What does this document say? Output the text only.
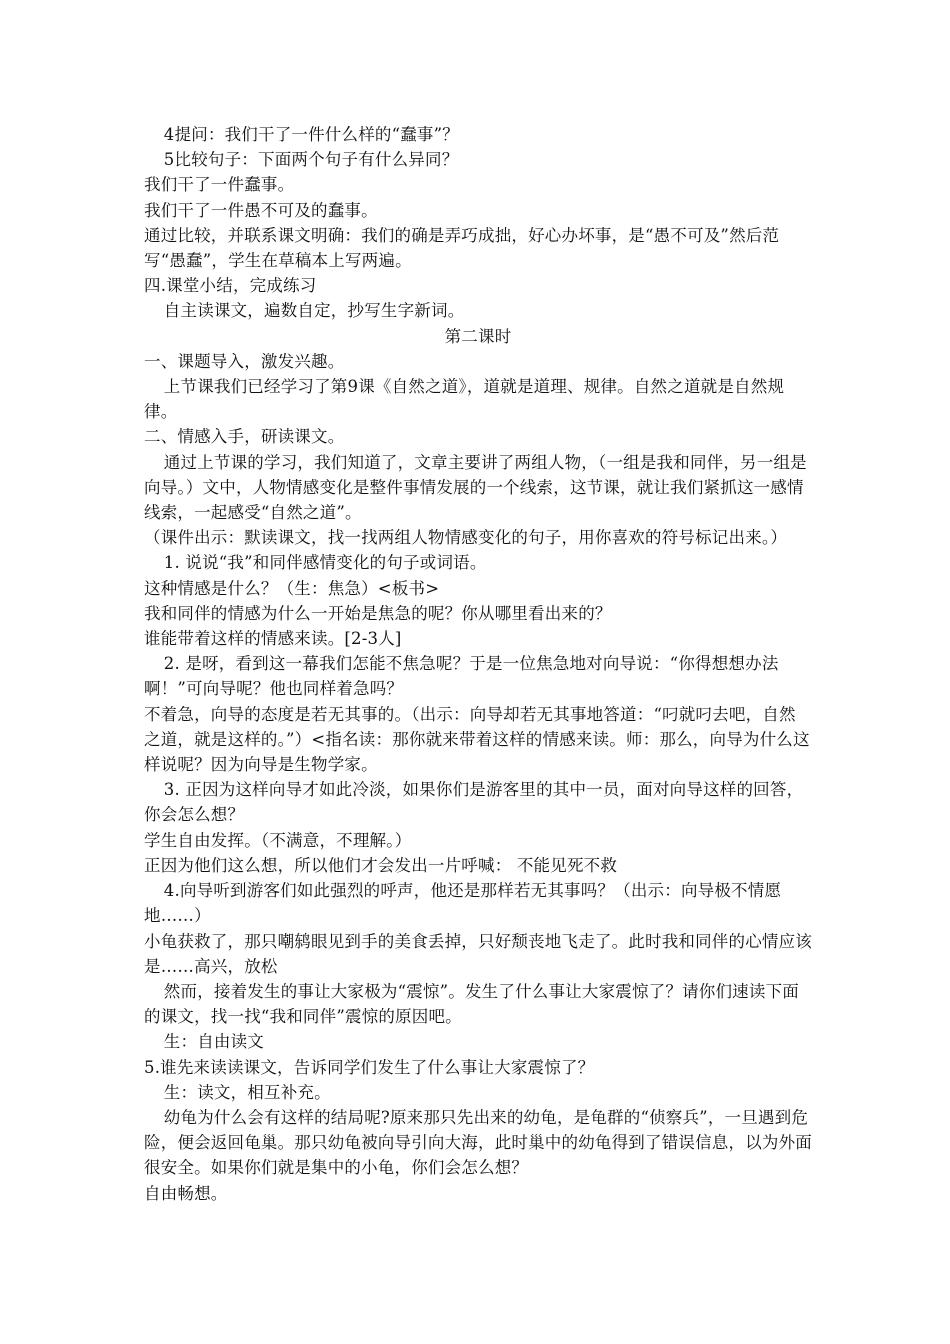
4提问：我们干了一件什么样的“蠢事”？

5比较句子：下面两个句子有什么异同？

我们干了一件蠢事。

我们干了一件愚不可及的蠢事。

通过比较，并联系课文明确：我们的确是弄巧成拙，好心办坏事，是“愚不可及”然后范写“愚蠢”，学生在草稿本上写两遍。

四.课堂小结，完成练习

自主读课文，遍数自定，抄写生字新词。

第二课时

一、课题导入，激发兴趣。

上节课我们已经学习了第9课《自然之道》，道就是道理、规律。自然之道就是自然规律。

二、情感入手，研读课文。

通过上节课的学习，我们知道了，文章主要讲了两组人物，（一组是我和同伴，另一组是向导。）文中，人物情感变化是整件事情发展的一个线索，这节课，就让我们紧抓这一感情线索，一起感受“自然之道”。

（课件出示：默读课文，找一找两组人物情感变化的句子，用你喜欢的符号标记出来。）

1. 说说“我”和同伴感情变化的句子或词语。

这种情感是什么？（生：焦急）<板书>

我和同伴的情感为什么一开始是焦急的呢？你从哪里看出来的？

谁能带着这样的情感来读。[2-3人]

2. 是呀，看到这一幕我们怎能不焦急呢？于是一位焦急地对向导说：“你得想想办法啊！”可向导呢？他也同样着急吗？

不着急，向导的态度是若无其事的。（出示：向导却若无其事地答道：“叼就叼去吧，自然之道，就是这样的。”）<指名读：那你就来带着这样的情感来读。师：那么，向导为什么这样说呢？因为向导是生物学家。

3. 正因为这样向导才如此冷淡，如果你们是游客里的其中一员，面对向导这样的回答，你会怎么想？

学生自由发挥。（不满意，不理解。）

正因为他们这么想，所以他们才会发出一片呼喊： 不能见死不救

4.向导听到游客们如此强烈的呼声，他还是那样若无其事吗？（出示：向导极不情愿地……）

小龟获救了，那只嘲鸫眼见到手的美食丢掉，只好颓丧地飞走了。此时我和同伴的心情应该是……高兴，放松

然而，接着发生的事让大家极为“震惊”。发生了什么事让大家震惊了？请你们速读下面的课文，找一找“我和同伴”震惊的原因吧。

生：自由读文

5.谁先来读读课文，告诉同学们发生了什么事让大家震惊了？

生：读文，相互补充。

幼龟为什么会有这样的结局呢?原来那只先出来的幼龟，是龟群的“侦察兵”，一旦遇到危险，便会返回龟巢。那只幼龟被向导引向大海，此时巢中的幼龟得到了错误信息，以为外面很安全。如果你们就是集中的小龟，你们会怎么想？

自由畅想。
